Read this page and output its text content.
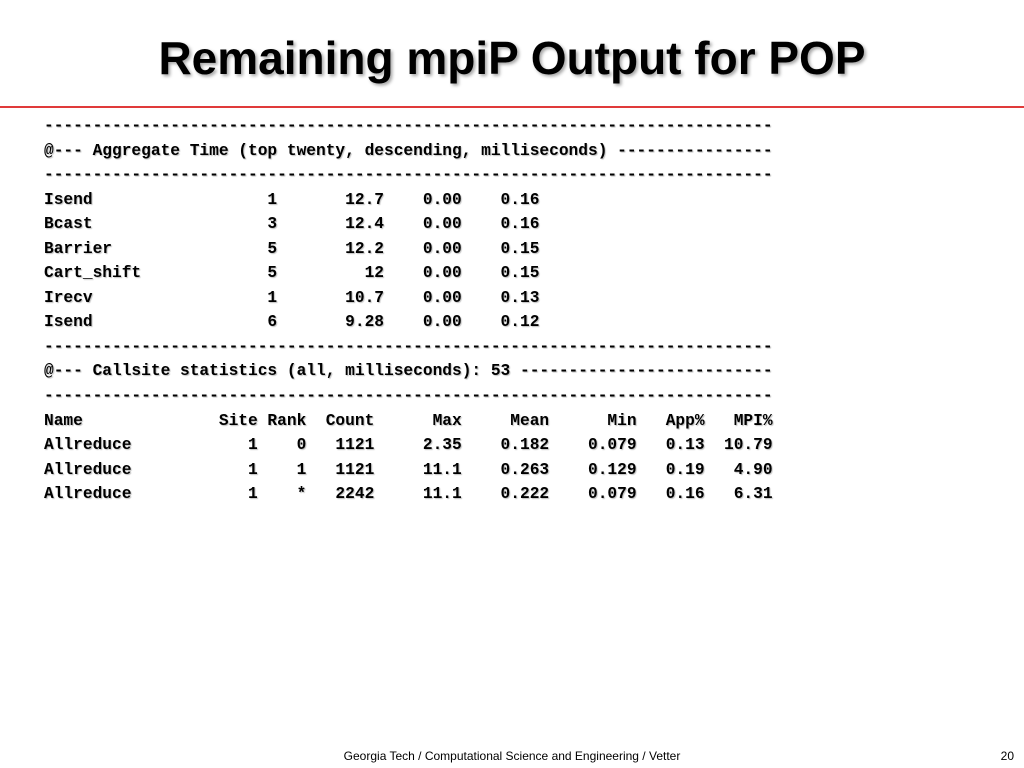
Remaining mpiP Output for POP
---------------------------------------------------------------------------
@--- Aggregate Time (top twenty, descending, milliseconds) ----------------
---------------------------------------------------------------------------
Isend                  1       12.7    0.00    0.16
Bcast                  3       12.4    0.00    0.16
Barrier                5       12.2    0.00    0.15
Cart_shift             5         12    0.00    0.15
Irecv                  1       10.7    0.00    0.13
Isend                  6       9.28    0.00    0.12
---------------------------------------------------------------------------
@--- Callsite statistics (all, milliseconds): 53 --------------------------
---------------------------------------------------------------------------
Name              Site Rank  Count      Max     Mean      Min   App%   MPI%
Allreduce            1    0   1121     2.35    0.182    0.079   0.13  10.79
Allreduce            1    1   1121     11.1    0.263    0.129   0.19   4.90
Allreduce            1    *   2242     11.1    0.222    0.079   0.16   6.31
Georgia Tech / Computational Science and Engineering / Vetter	20
